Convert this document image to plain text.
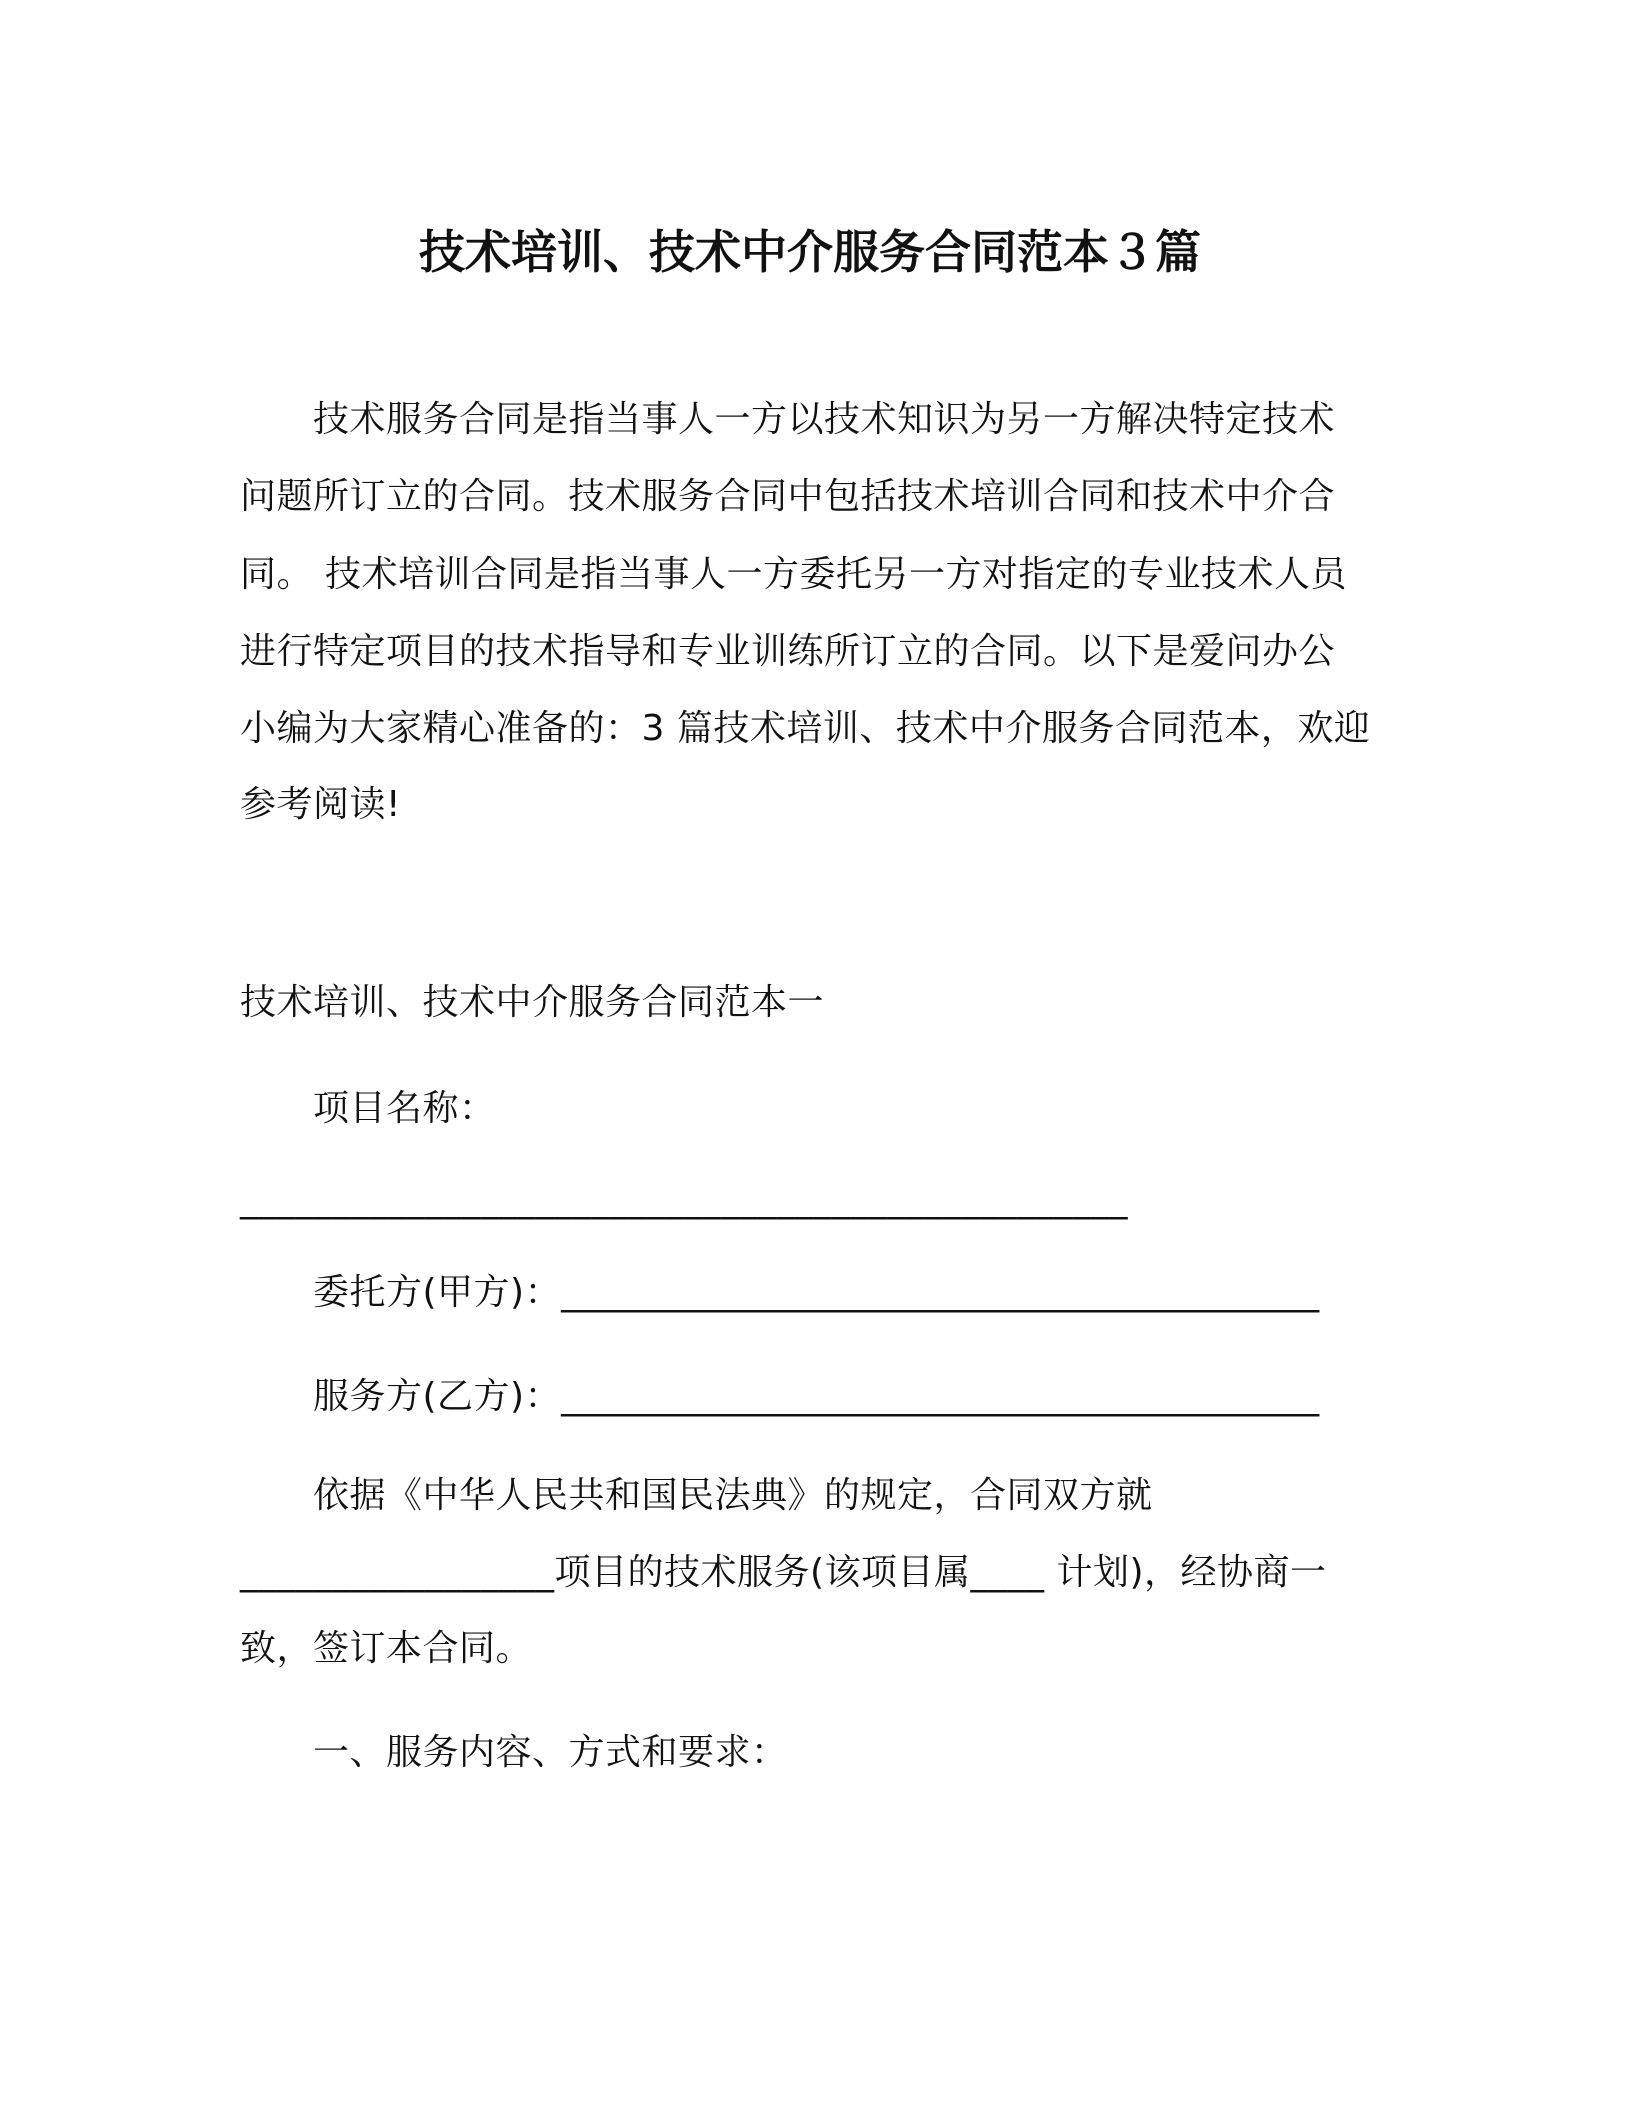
技术培训、技术中介服务合同范本３篇
技术服务合同是指当事人一方以技术知识为另一方解决特定技术
问题所订立的合同。技术服务合同中包括技术培训合同和技术中介合
同。 技术培训合同是指当事人一方委托另一方对指定的专业技术人员
进行特定项目的技术指导和专业训练所订立的合同。以下是爱问办公
小编为大家精心准备的：3 篇技术培训、技术中介服务合同范本，欢迎
参考阅读!
技术培训、技术中介服务合同范本一
项目名称：
________________________________________________
委托方(甲方)：_________________________________________
服务方(乙方)：_________________________________________
依据《中华人民共和国民法典》的规定，合同双方就
_________________项目的技术服务(该项目属____ 计划)，经协商一
致，签订本合同。
一、服务内容、方式和要求：
